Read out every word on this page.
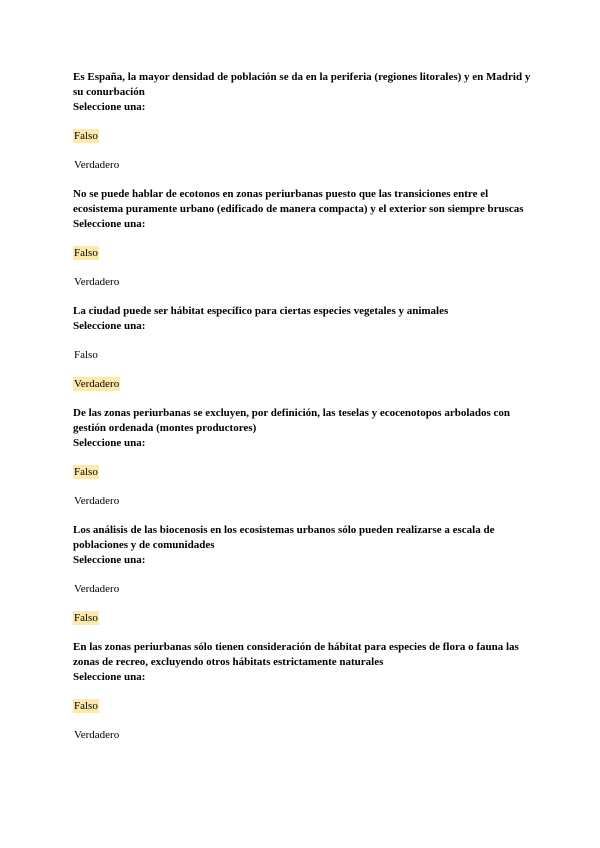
Es España, la mayor densidad de población se da en la periferia (regiones litorales) y en Madrid y su conurbación

Seleccione una:

Falso

Verdadero

No se puede hablar de ecotonos en zonas periurbanas puesto que las transiciones entre el ecosistema puramente urbano (edificado de manera compacta) y el exterior son siempre bruscas

Seleccione una:

Falso

Verdadero

La ciudad puede ser hábitat específico para ciertas especies vegetales y animales

Seleccione una:

Falso

Verdadero

De las zonas periurbanas se excluyen, por definición, las teselas y ecocenotopos arbolados con gestión ordenada (montes productores)

Seleccione una:

Falso

Verdadero

Los análisis de las biocenosis en los ecosistemas urbanos sólo pueden realizarse a escala de poblaciones y de comunidades

Seleccione una:

Verdadero

Falso

En las zonas periurbanas sólo tienen consideración de hábitat para especies de flora o fauna las zonas de recreo, excluyendo otros hábitats estrictamente naturales

Seleccione una:

Falso

Verdadero
